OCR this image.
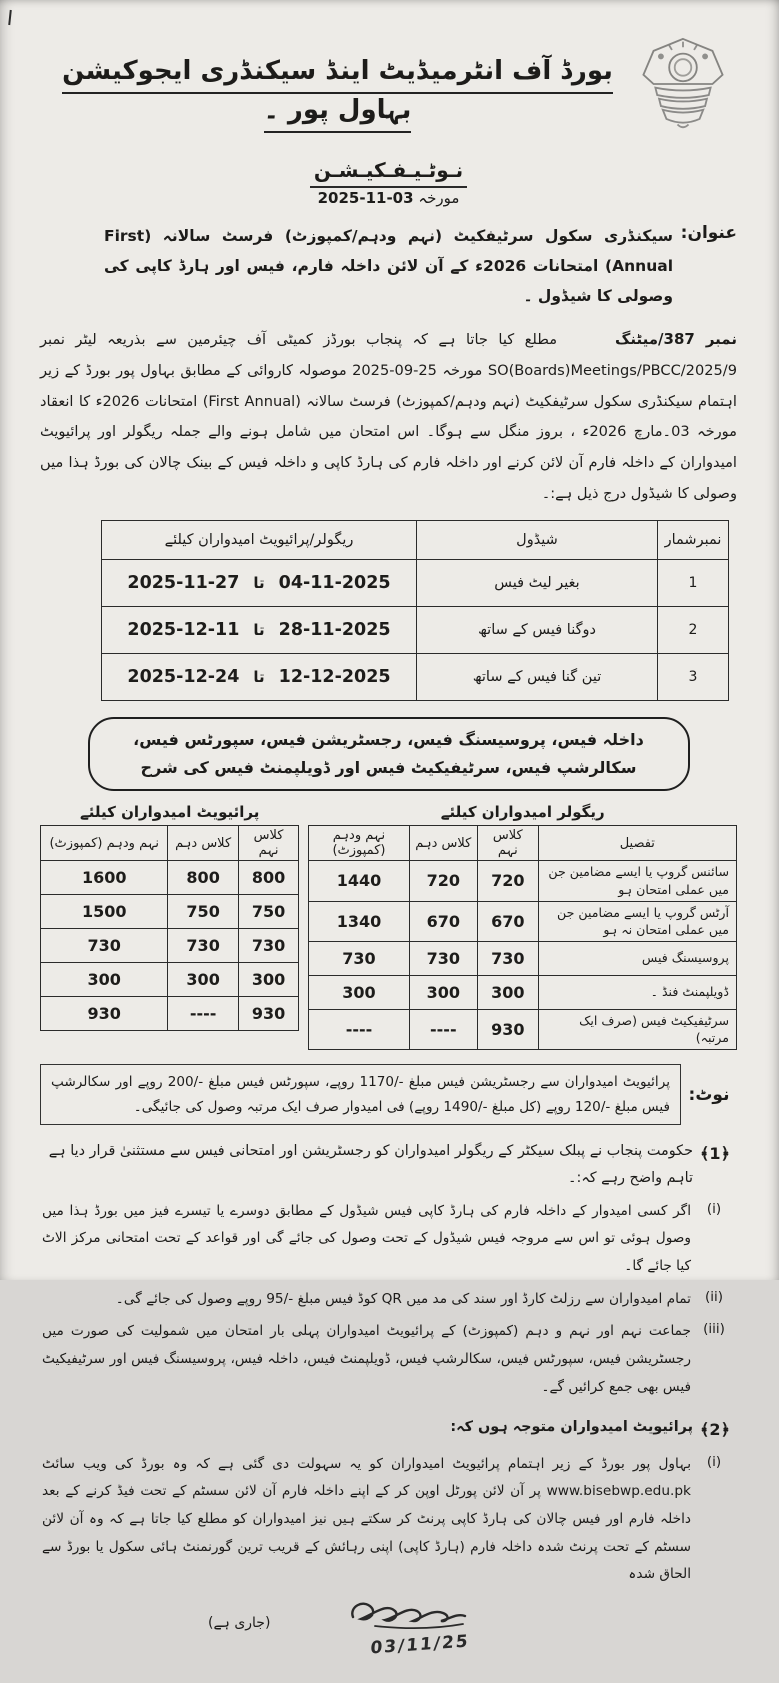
بورڈ آف انٹرمیڈیٹ اینڈ سیکنڈری ایجوکیشن بہاول پور ۔
نـوٹـیـفـکیـشـن
مورخہ 03-11-2025
عنوان:
سیکنڈری سکول سرٹیفکیٹ (نہم ودہم/کمپوزٹ) فرسٹ سالانہ (First Annual) امتحانات 2026ء کے آن لائن داخلہ فارم، فیس اور ہارڈ کاپی کی وصولی کا شیڈول ۔
نمبر 387/میٹنگمطلع کیا جاتا ہے کہ پنجاب بورڈز کمیٹی آف چیئرمین سے بذریعہ لیٹر نمبر SO(Boards)Meetings/PBCC/2025/9 مورخہ 25-09-2025 موصولہ کاروائی کے مطابق بہاول پور بورڈ کے زیر اہتمام سیکنڈری سکول سرٹیفکیٹ (نہم ودہم/کمپوزٹ) فرسٹ سالانہ (First Annual) امتحانات 2026ء کا انعقاد مورخہ 03۔مارچ 2026ء ، بروز منگل سے ہوگا۔ اس امتحان میں شامل ہونے والے جملہ ریگولر اور پرائیویٹ امیدواران کے داخلہ فارم آن لائن کرنے اور داخلہ فارم کی ہارڈ کاپی و داخلہ فیس کے بینک چالان کی بورڈ ہذا میں وصولی کا شیڈول درج ذیل ہے:۔
نمبرشمار	شیڈول	ریگولر/پرائیویٹ امیدواران کیلئے
1	بغیر لیٹ فیس	04-11-2025تا27-11-2025
2	دوگنا فیس کے ساتھ	28-11-2025تا11-12-2025
3	تین گنا فیس کے ساتھ	12-12-2025تا24-12-2025
داخلہ فیس، پروسیسنگ فیس، رجسٹریشن فیس، سپورٹس فیس، سکالرشپ فیس، سرٹیفیکیٹ فیس اور ڈویلپمنٹ فیس کی شرح
ریگولر امیدواران کیلئے
تفصیل	کلاس نہم	کلاس دہم	نہم ودہم (کمپوزٹ)
سائنس گروپ یا ایسے مضامین جن میں عملی امتحان ہو	720	720	1440
آرٹس گروپ یا ایسے مضامین جن میں عملی امتحان نہ ہو	670	670	1340
پروسیسنگ فیس	730	730	730
ڈویلپمنٹ فنڈ ۔	300	300	300
سرٹیفیکیٹ فیس (صرف ایک مرتبہ)	930	----	----
پرائیویٹ امیدواران کیلئے
کلاس نہم	کلاس دہم	نہم ودہم (کمپوزٹ)
800	800	1600
750	750	1500
730	730	730
300	300	300
930	----	930
نوٹ:
پرائیویٹ امیدواران سے رجسٹریشن فیس مبلغ -/1170 روپے، سپورٹس فیس مبلغ -/200 روپے اور سکالرشپ فیس مبلغ -/120 روپے (کل مبلغ -/1490 روپے) فی امیدوار صرف ایک مرتبہ وصول کی جائیگی۔
﴿1﴾
حکومت پنجاب نے پبلک سیکٹر کے ریگولر امیدواران کو رجسٹریشن اور امتحانی فیس سے مستثنیٰ قرار دیا ہے تاہم واضح رہے کہ:۔
(i)
اگر کسی امیدوار کے داخلہ فارم کی ہارڈ کاپی فیس شیڈول کے مطابق دوسرے یا تیسرے فیز میں بورڈ ہذا میں وصول ہوئی تو اس سے مروجہ فیس شیڈول کے تحت وصول کی جائے گی اور قواعد کے تحت امتحانی مرکز الاٹ کیا جائے گا۔
(ii)
تمام امیدواران سے رزلٹ کارڈ اور سند کی مد میں QR کوڈ فیس مبلغ -/95 روپے وصول کی جائے گی۔
(iii)
جماعت نہم اور نہم و دہم (کمپوزٹ) کے پرائیویٹ امیدواران پہلی بار امتحان میں شمولیت کی صورت میں رجسٹریشن فیس، سپورٹس فیس، سکالرشپ فیس، ڈویلپمنٹ فیس، داخلہ فیس، پروسیسنگ فیس اور سرٹیفیکیٹ فیس بھی جمع کرائیں گے۔
﴿2﴾
پرائیویٹ امیدواران متوجہ ہوں کہ:
(i)
بہاول پور بورڈ کے زیر اہتمام پرائیویٹ امیدواران کو یہ سہولت دی گئی ہے کہ وہ بورڈ کی ویب سائٹ www.bisebwp.edu.pk پر آن لائن پورٹل اوپن کر کے اپنے داخلہ فارم آن لائن سسٹم کے تحت فیڈ کرنے کے بعد داخلہ فارم اور فیس چالان کی ہارڈ کاپی پرنٹ کر سکتے ہیں نیز امیدواران کو مطلع کیا جاتا ہے کہ وہ آن لائن سسٹم کے تحت پرنٹ شدہ داخلہ فارم (ہارڈ کاپی) اپنی رہائش کے قریب ترین گورنمنٹ ہائی سکول یا بورڈ سے الحاق شدہ
03/11/25
(جاری ہے)
